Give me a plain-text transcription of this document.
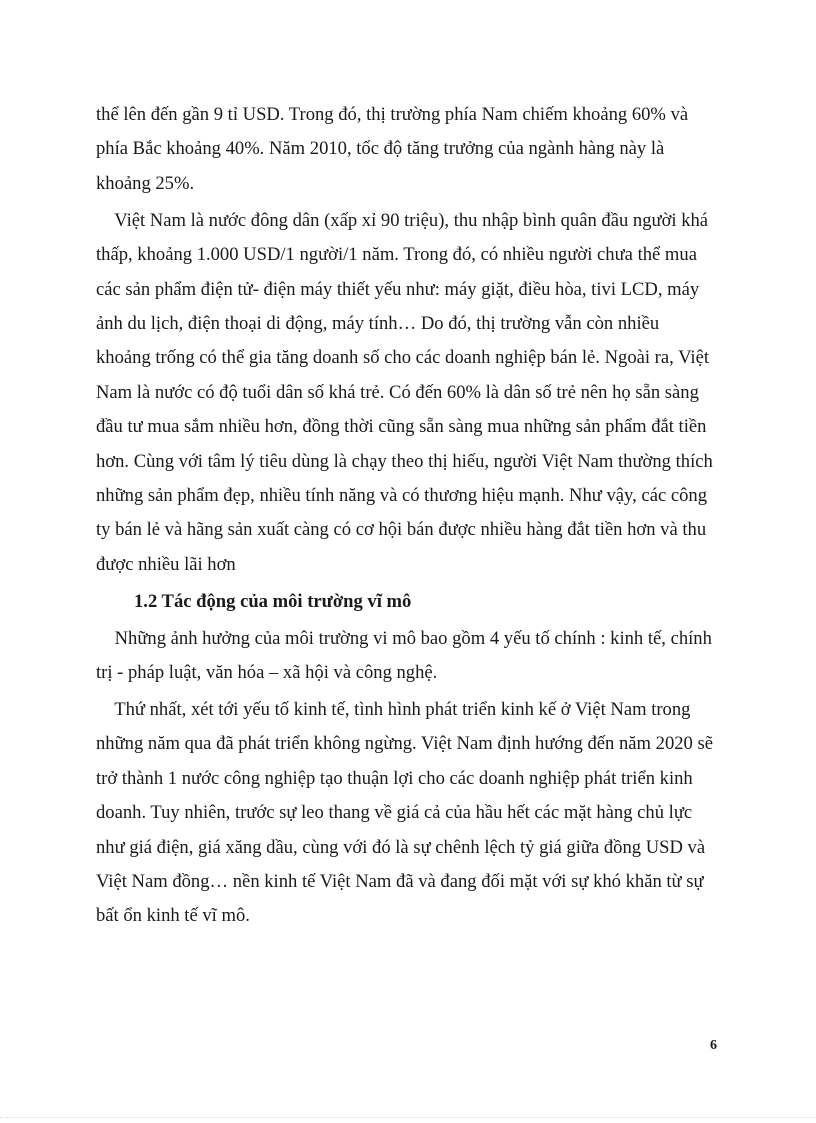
thể lên đến gần 9 tỉ USD. Trong đó, thị trường phía Nam chiếm khoảng 60% và
phía Bắc khoảng 40%. Năm 2010, tốc độ tăng trưởng của ngành hàng này là
khoảng 25%.
Việt Nam là nước đông dân (xấp xỉ 90 triệu), thu nhập bình quân đầu người khá
thấp, khoảng 1.000 USD/1 người/1 năm. Trong đó, có nhiều người chưa thể mua
các sản phẩm điện tử- điện máy thiết yếu như: máy giặt, điều hòa, tivi LCD, máy
ảnh du lịch, điện thoại di động, máy tính… Do đó, thị trường vẫn còn nhiều
khoảng trống có thể gia tăng doanh số cho các doanh nghiệp bán lẻ. Ngoài ra, Việt
Nam là nước có độ tuổi dân số khá trẻ. Có đến 60% là dân số trẻ nên họ sẵn sàng
đầu tư mua sắm nhiều hơn, đồng thời cũng sẵn sàng mua những sản phẩm đắt tiền
hơn. Cùng với tâm lý tiêu dùng là chạy theo thị hiếu, người Việt Nam thường thích
những sản phẩm đẹp, nhiều tính năng và có thương hiệu mạnh. Như vậy, các công
ty bán lẻ và hãng sản xuất càng có cơ hội bán được nhiều hàng đắt tiền hơn và thu
được nhiều lãi hơn
1.2 Tác động của môi trường vĩ mô
Những ảnh hưởng của môi trường vi mô bao gồm 4 yếu tố chính : kinh tế, chính
trị - pháp luật, văn hóa – xã hội và công nghệ.
Thứ nhất, xét tới yếu tố kinh tế, tình hình phát triển kinh kế ở Việt Nam trong
những năm qua đã phát triển không ngừng. Việt Nam định hướng đến năm 2020 sẽ
trở thành 1 nước công nghiệp tạo thuận lợi cho các doanh nghiệp phát triển kinh
doanh. Tuy nhiên, trước sự leo thang về giá cả của hầu hết các mặt hàng chủ lực
như giá điện, giá xăng dầu, cùng với đó là sự chênh lệch tỷ giá giữa đồng USD và
Việt Nam đồng… nền kinh tế Việt Nam đã và đang đối mặt với sự khó khăn từ sự
bất ổn kinh tế vĩ mô.
6
